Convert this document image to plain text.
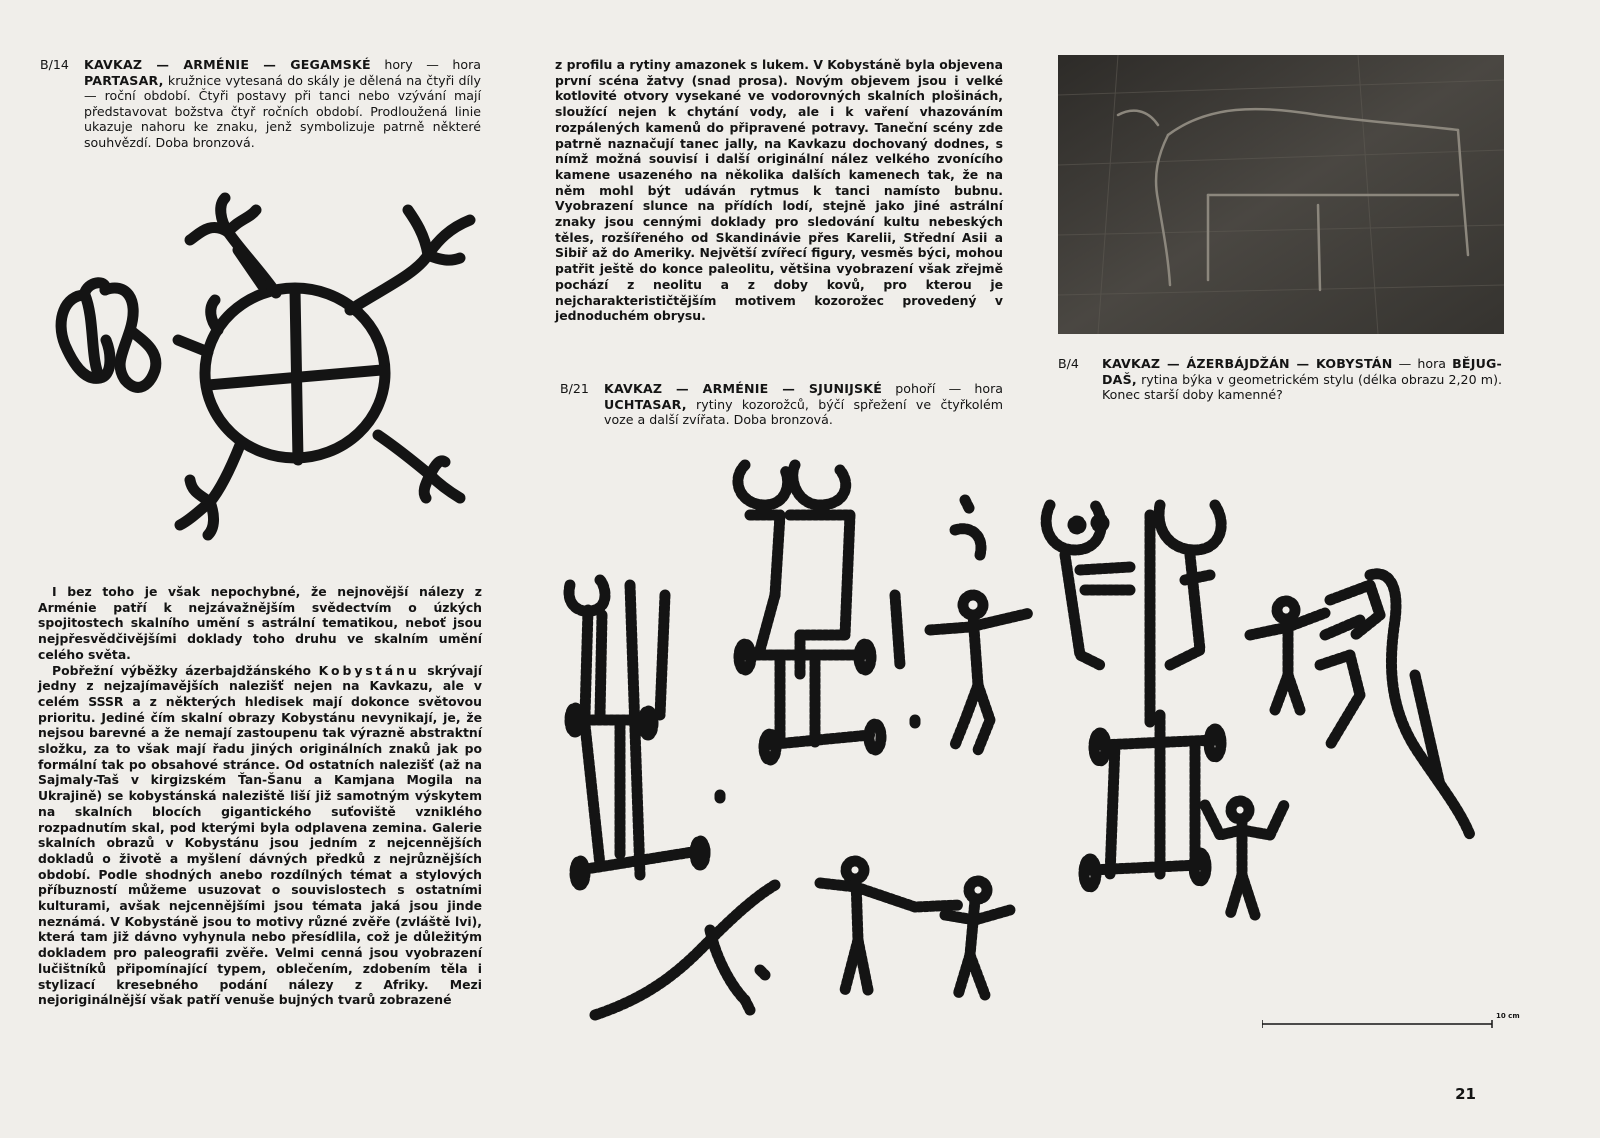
B/14 KAVKAZ — ARMÉNIE — GEGAMSKÉ hory — hora PARTASAR, kružnice vytesaná do skály je dělená na čtyři díly — roční období. Čtyři postavy při tanci nebo vzývání mají představovat božstva čtyř ročních období. Prodloužená linie ukazuje nahoru ke znaku, jenž symbolizuje patrně některé souhvězdí. Doba bronzová.

I bez toho je však nepochybné, že nejnovější nálezy z Arménie patří k nejzávažnějším svědectvím o úzkých spojitostech skalního umění s astrální tematikou, neboť jsou nejpřesvědčivějšími doklady toho druhu ve skalním umění celého světa.

Pobřežní výběžky ázerbajdžánského Kobystánu skrývají jedny z nejzajímavějších nalezišť nejen na Kavkazu, ale v celém SSSR a z některých hledisek mají dokonce světovou prioritu. Jediné čím skalní obrazy Kobystánu nevynikají, je, že nejsou barevné a že nemají zastoupenu tak výrazně abstraktní složku, za to však mají řadu jiných originálních znaků jak po formální tak po obsahové stránce. Od ostatních nalezišť (až na Sajmaly-Taš v kirgizském Ťan-Šanu a Kamjana Mogila na Ukrajině) se kobystánská naleziště liší již samotným výskytem na skalních blocích gigantického suťoviště vzniklého rozpadnutím skal, pod kterými byla odplavena zemina. Galerie skalních obrazů v Kobystánu jsou jedním z nejcennějších dokladů o životě a myšlení dávných předků z nejrůznějších období. Podle shodných anebo rozdílných témat a stylových příbuzností můžeme usuzovat o souvislostech s ostatními kulturami, avšak nejcennějšími jsou témata jaká jsou jinde neznámá. V Kobystáně jsou to motivy různé zvěře (zvláště lvi), která tam již dávno vyhynula nebo přesídlila, což je důležitým dokladem pro paleografii zvěře. Velmi cenná jsou vyobrazení lučištníků připomínající typem, oblečením, zdobením těla i stylizací kresebného podání nálezy z Afriky. Mezi nejoriginálnější však patří venuše bujných tvarů zobrazené

z profilu a rytiny amazonek s lukem. V Kobystáně byla objevena první scéna žatvy (snad prosa). Novým objevem jsou i velké kotlovité otvory vysekané ve vodorovných skalních plošinách, sloužící nejen k chytání vody, ale i k vaření vhazováním rozpálených kamenů do připravené potravy. Taneční scény zde patrně naznačují tanec jally, na Kavkazu dochovaný dodnes, s nímž možná souvisí i další originální nález velkého zvonícího kamene usazeného na několika dalších kamenech tak, že na něm mohl být udáván rytmus k tanci namísto bubnu. Vyobrazení slunce na přídích lodí, stejně jako jiné astrální znaky jsou cennými doklady pro sledování kultu nebeských těles, rozšířeného od Skandinávie přes Karelii, Střední Asii a Sibiř až do Ameriky. Největší zvířecí figury, vesměs býci, mohou patřit ještě do konce paleolitu, většina vyobrazení však zřejmě pochází z neolitu a z doby kovů, pro kterou je nejcharakterističtějším motivem kozorožec provedený v jednoduchém obrysu.

B/21 KAVKAZ — ARMÉNIE — SJUNIJSKÉ pohoří — hora UCHTASAR, rytiny kozorožců, býčí spřežení ve čtyřkolém voze a další zvířata. Doba bronzová.
B/4 KAVKAZ — ÁZERBÁJDŽÁN — KOBYSTÁN — hora BĚJUG-DAŠ, rytina býka v geometrickém stylu (délka obrazu 2,20 m). Konec starší doby kamenné?
10 cm
21
